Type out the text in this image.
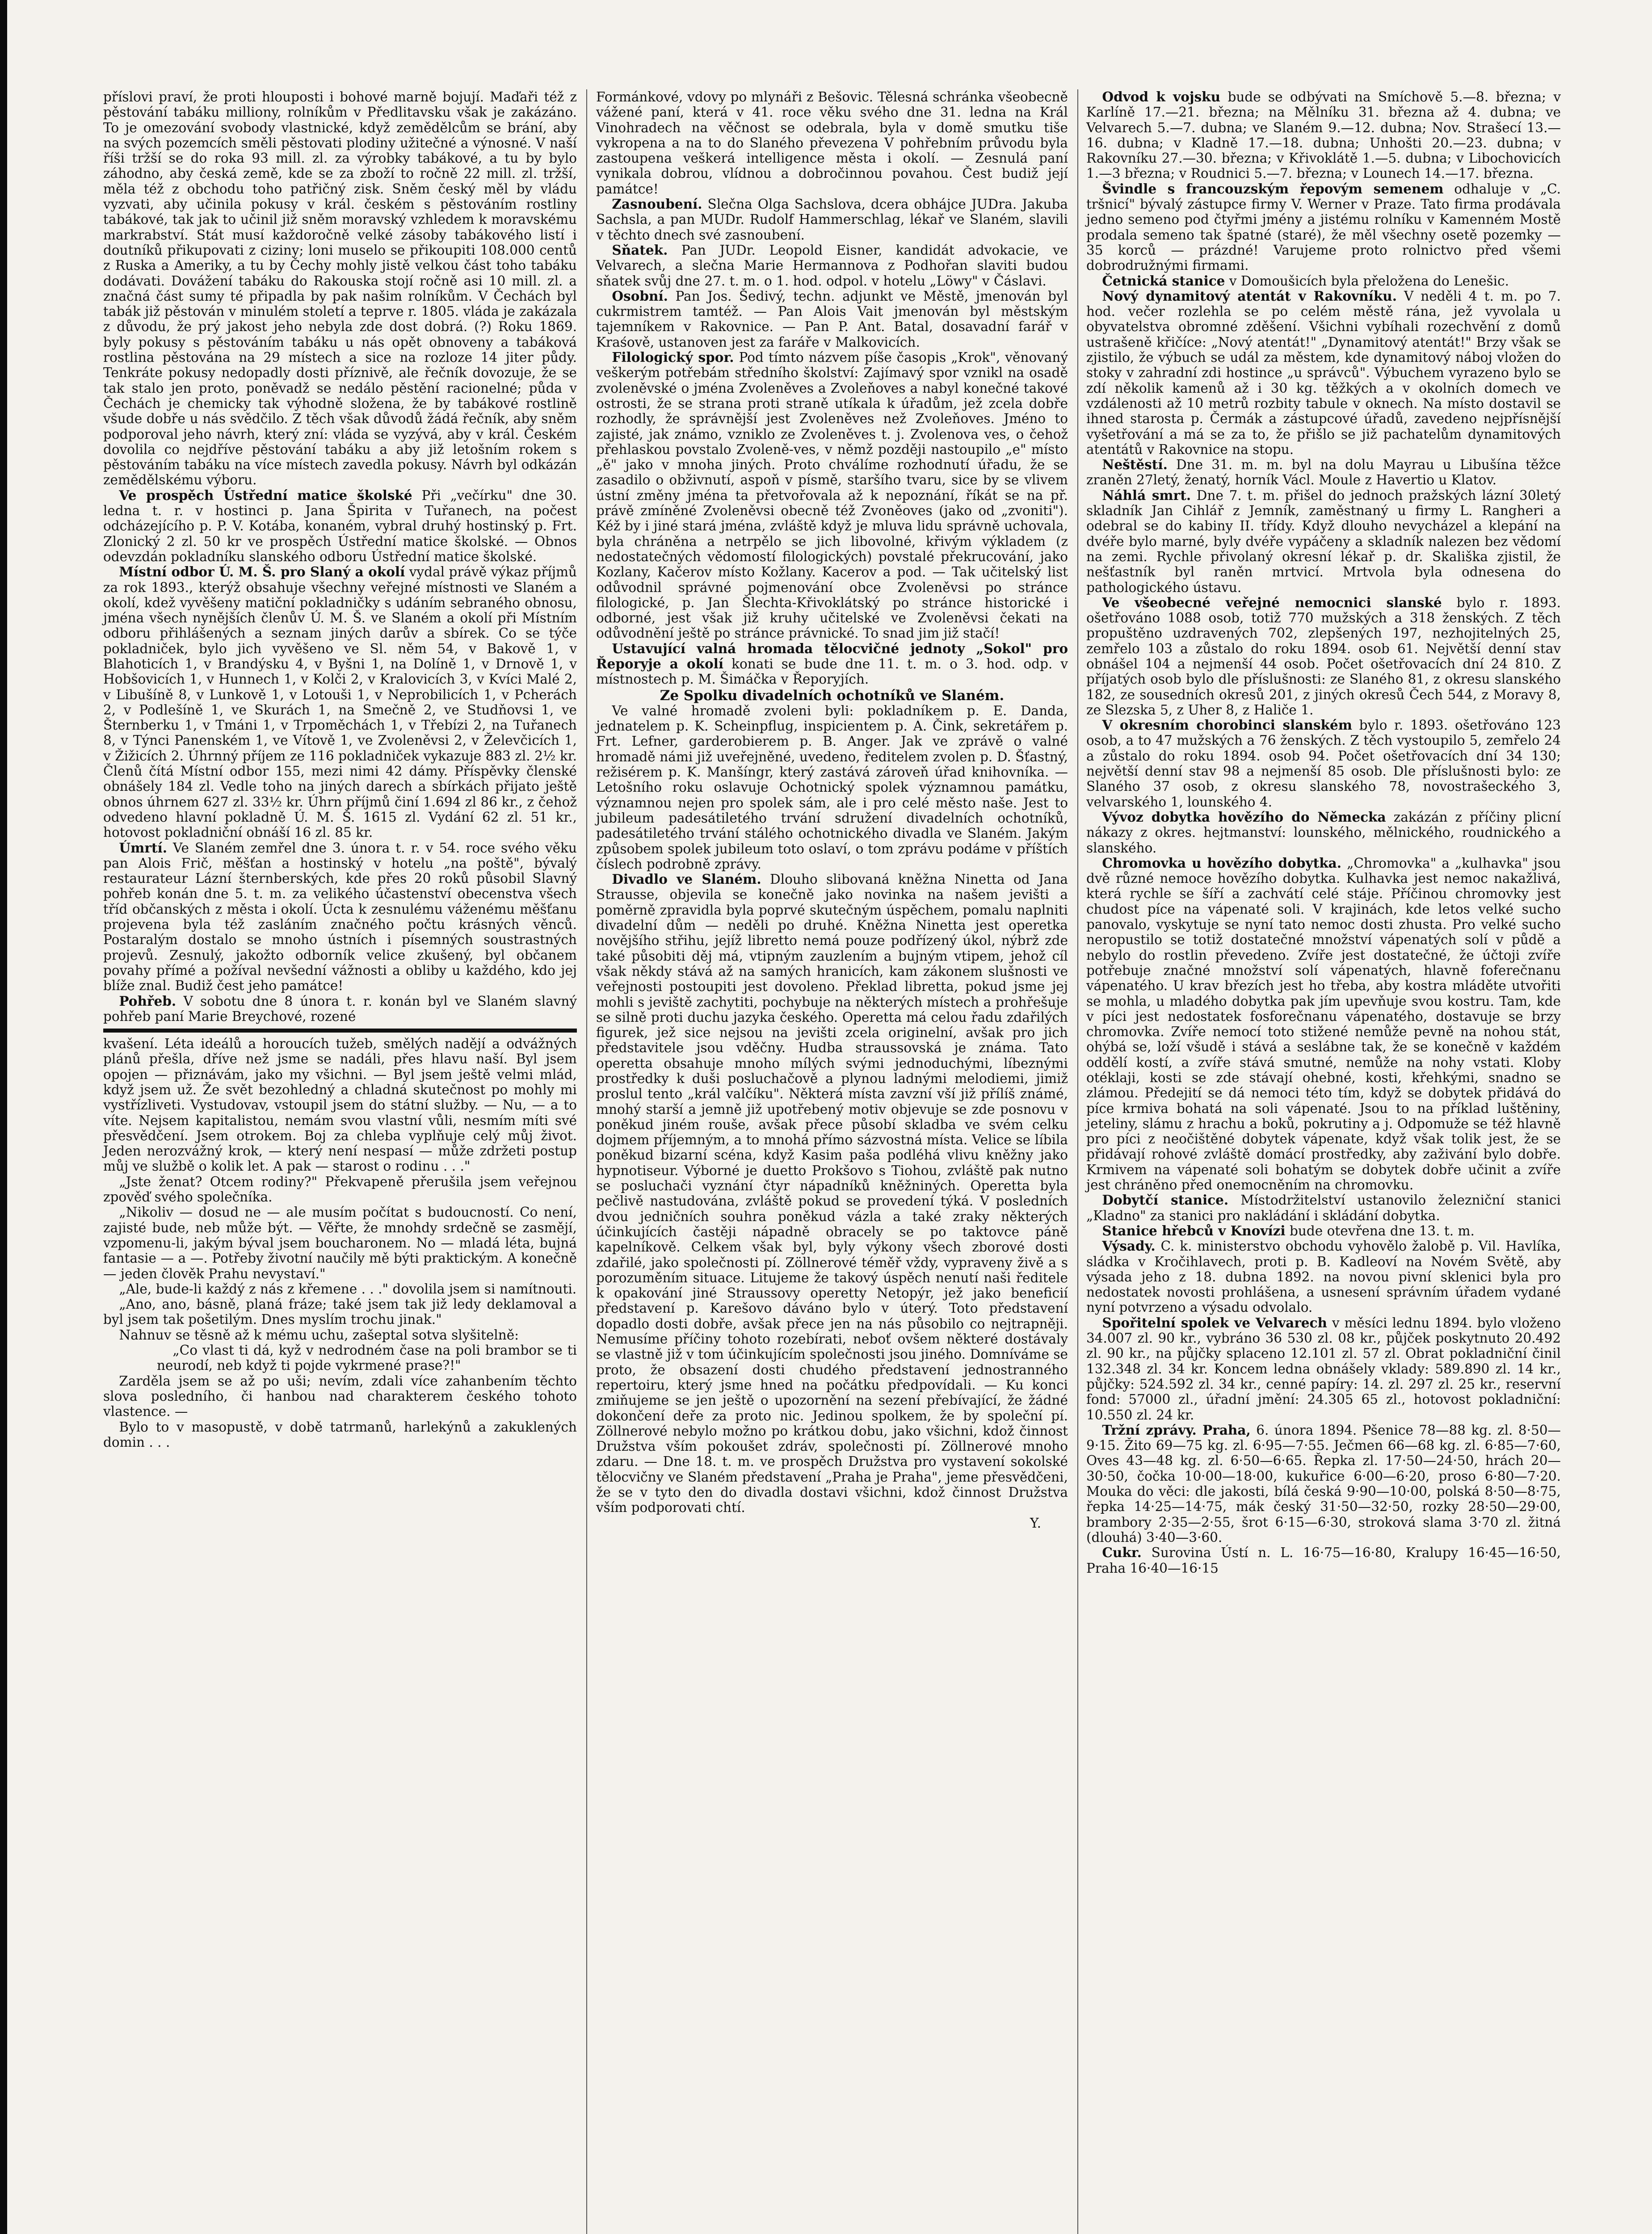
příslovi praví, že proti hlouposti i bohové marně bojují. Maďaři též z pěstování tabáku milliony, rolníkům v Předlitavsku však je zakázáno. To je omezování svobody vlastnické, když zemědělcům se brání, aby na svých pozemcích směli pěstovati plodiny užitečné a výnosné. V naší říši tržší se do roka 93 mill. zl. za výrobky tabákové, a tu by bylo záhodno, aby česká země, kde se za zboží to ročně 22 mill. zl. tržší, měla též z obchodu toho patřičný zisk. Sněm český měl by vládu vyzvati, aby učinila pokusy v král. českém s pěstováním rostliny tabákové, tak jak to učinil již sněm moravský vzhledem k moravskému markrabství. Stát musí každoročně velké zásoby tabákového listí i doutníků přikupovati z ciziny; loni muselo se přikoupiti 108.000 centů z Ruska a Ameriky, a tu by Čechy mohly jistě velkou část toho tabáku dodávati. Dovážení tabáku do Rakouska stojí ročně asi 10 mill. zl. a značná část sumy té připadla by pak našim rolníkům. V Čechách byl tabák již pěstován v minulém století a teprve r. 1805. vláda je zakázala z důvodu, že prý jakost jeho nebyla zde dost dobrá. (?) Roku 1869. byly pokusy s pěstováním tabáku u nás opět obnoveny a tabáková rostlina pěstována na 29 místech a sice na rozloze 14 jiter půdy. Tenkráte pokusy nedopadly dosti příznivě, ale řečník dovozuje, že se tak stalo jen proto, poněvadž se nedálo pěstění racionelné; půda v Čechách je chemicky tak výhodně složena, že by tabákové rostlině všude dobře u nás svědčilo. Z těch však důvodů žádá řečník, aby sněm podporoval jeho návrh, který zní: vláda se vyzývá, aby v král. Českém dovolila co nejdříve pěstování tabáku a aby již letošním rokem s pěstováním tabáku na více místech zavedla pokusy. Návrh byl odkázán zemědělskému výboru.

Ve prospěch Ústřední matice školské Při „večírku" dne 30. ledna t. r. v hostinci p. Jana Špirita v Tuřanech, na počest odcházejícího p. P. V. Kotába, konaném, vybral druhý hostinský p. Frt. Zlonický 2 zl. 50 kr ve prospěch Ústřední matice školské. — Obnos odevzdán pokladníku slanského odboru Ústřední matice školské.

Místní odbor Ú. M. Š. pro Slaný a okolí vydal právě výkaz příjmů za rok 1893., kterýž obsahuje všechny veřejné místnosti ve Slaném a okolí, kdež vyvěšeny matiční pokladničky s udáním sebraného obnosu, jména všech nynějších členův Ú. M. Š. ve Slaném a okolí při Místním odboru přihlášených a seznam jiných darův a sbírek. Co se týče pokladniček, bylo jich vyvěšeno ve Sl. něm 54, v Bakově 1, v Blahoticích 1, v Brandýsku 4, v Byšni 1, na Dolíně 1, v Drnově 1, v Hobšovicích 1, v Hunnech 1, v Kolči 2, v Kralovicích 3, v Kvíci Malé 2, v Libušíně 8, v Lunkově 1, v Lotouši 1, v Neprobilicích 1, v Pcherách 2, v Podlešíně 1, ve Skurách 1, na Smečně 2, ve Studňovsi 1, ve Šternberku 1, v Tmáni 1, v Trpoměchách 1, v Třebízi 2, na Tuřanech 8, v Týnci Panenském 1, ve Vítově 1, ve Zvoleněvsi 2, v Želevčicích 1, v Žižicích 2. Úhrnný příjem ze 116 pokladniček vykazuje 883 zl. 2½ kr. Členů čítá Místní odbor 155, mezi nimi 42 dámy. Příspěvky členské obnášely 184 zl. Vedle toho na jiných darech a sbírkách přijato ještě obnos úhrnem 627 zl. 33½ kr. Úhrn příjmů činí 1.694 zl 86 kr., z čehož odvedeno hlavní pokladně Ú. M. Š. 1615 zl. Vydání 62 zl. 51 kr., hotovost pokladniční obnáší 16 zl. 85 kr.

Úmrtí. Ve Slaném zemřel dne 3. února t. r. v 54. roce svého věku pan Alois Frič, měšťan a hostinský v hotelu „na poště", bývalý restaurateur Lázní šternberských, kde přes 20 roků působil Slavný pohřeb konán dne 5. t. m. za velikého účastenství obecenstva všech tříd občanských z města i okolí. Úcta k zesnulému váženému měšťanu projevena byla též zasláním značného počtu krásných věnců. Postaralým dostalo se mnoho ústních i písemných soustrastných projevů. Zesnulý, jakožto odborník velice zkušený, byl občanem povahy přímé a požíval nevšední vážnosti a obliby u každého, kdo jej blíže znal. Budiž čest jeho památce!

Pohřeb. V sobotu dne 8 února t. r. konán byl ve Slaném slavný pohřeb paní Marie Breychové, rozené

kvašení. Léta ideálů a horoucích tužeb, smělých nadějí a odvážných plánů přešla, dříve než jsme se nadáli, přes hlavu naší. Byl jsem opojen — přiznávám, jako my všichni. — Byl jsem ještě velmi mlád, když jsem už. Že svět bezohledný a chladná skutečnost po mohly mi vystřízliveti. Vystudovav, vstoupil jsem do státní služby. — Nu, — a to víte. Nejsem kapitalistou, nemám svou vlastní vůli, nesmím míti své přesvědčení. Jsem otrokem. Boj za chleba vyplňuje celý můj život. Jeden nerozvážný krok, — který není nespasí — může zdržeti postup můj ve službě o kolik let. A pak — starost o rodinu . . ."

„Jste ženat? Otcem rodiny?" Překvapeně přerušila jsem veřejnou zpověď svého společníka.

„Nikoliv — dosud ne — ale musím počítat s budoucností. Co není, zajisté bude, neb může být. — Věřte, že mnohdy srdečně se zasmějí, vzpomenu-li, jakým býval jsem boucharonem. No — mladá léta, bujná fantasie — a —. Potřeby životní naučily mě býti praktickým. A konečně — jeden člověk Prahu nevystaví."

„Ale, bude-li každý z nás z křemene . . ." dovolila jsem si namítnouti.

„Ano, ano, básně, planá fráze; také jsem tak již ledy deklamoval a byl jsem tak pošetilým. Dnes myslím trochu jinak."

Nahnuv se těsně až k mému uchu, zašeptal sotva slyšitelně:

„Co vlast ti dá, kyž v nedrodném čase na poli brambor se ti neurodí, neb když ti pojde vykrmené prase?!"

Zarděla jsem se až po uši; nevím, zdali více zahanbením těchto slova posledního, či hanbou nad charakterem českého tohoto vlastence. —

Bylo to v masopustě, v době tatrmanů, harlekýnů a zakuklených domin . . .

Formánkové, vdovy po mlynáři z Bešovic. Tělesná schránka všeobecně vážené paní, která v 41. roce věku svého dne 31. ledna na Král Vinohradech na věčnost se odebrala, byla v domě smutku tiše vykropena a na to do Slaného převezena V pohřebním průvodu byla zastoupena veškerá intelligence města i okolí. — Zesnulá paní vynikala dobrou, vlídnou a dobročinnou povahou. Čest budiž její památce!

Zasnoubení. Slečna Olga Sachslova, dcera obhájce JUDra. Jakuba Sachsla, a pan MUDr. Rudolf Hammerschlag, lékař ve Slaném, slavili v těchto dnech své zasnoubení.

Sňatek. Pan JUDr. Leopold Eisner, kandidát advokacie, ve Velvarech, a slečna Marie Hermannova z Podhořan slaviti budou sňatek svůj dne 27. t. m. o 1. hod. odpol. v hotelu „Löwy" v Čáslavi.

Osobní. Pan Jos. Šedivý, techn. adjunkt ve Městě, jmenován byl cukrmistrem tamtéž. — Pan Alois Vait jmenován byl městským tajemníkem v Rakovnice. — Pan P. Ant. Batal, dosavadní farář v Kraśově, ustanoven jest za faráře v Malkovicích.

Filologický spor. Pod tímto názvem píše časopis „Krok", věnovaný veškerým potřebám středního školství: Zajímavý spor vznikl na osadě zvoleněvské o jména Zvoleněves a Zvoleňoves a nabyl konečné takové ostrosti, že se strana proti straně utíkala k úřadům, jež zcela dobře rozhodly, že správnější jest Zvoleněves než Zvoleňoves. Jméno to zajisté, jak známo, vzniklo ze Zvoleněves t. j. Zvolenova ves, o čehož přehlaskou povstalo Zvoleně-ves, v němž později nastoupilo „e" místo „ě" jako v mnoha jiných. Proto chválíme rozhodnutí úřadu, že se zasadilo o obživnutí, aspoň v písmě, staršího tvaru, sice by se vlivem ústní změny jména ta přetvořovala až k nepoznání, říkát se na př. právě zmíněné Zvoleněvsi obecně též Zvoněoves (jako od „zvoniti"). Kéž by i jiné stará jména, zvláště když je mluva lidu správně uchovala, byla chráněna a netrpělo se jich libovolné, křivým výkladem (z nedostatečných vědomostí filologických) povstalé překrucování, jako Kozlany, Kačerov místo Kožlany. Kacerov a pod. — Tak učitelský list odůvodnil správné pojmenování obce Zvoleněvsi po stránce filologické, p. Jan Šlechta-Křivoklátský po stránce historické i odborné, jest však již kruhy učitelské ve Zvoleněvsi čekati na odůvodnění ještě po stránce právnické. To snad jim již stačí!

Ustavující valná hromada tělocvičné jednoty „Sokol" pro Řeporyje a okolí konati se bude dne 11. t. m. o 3. hod. odp. v místnostech p. M. Šimáčka v Řeporyjích.

Ze Spolku divadelních ochotníků ve Slaném.

Ve valné hromadě zvoleni byli: pokladníkem p. E. Danda, jednatelem p. K. Scheinpflug, inspicientem p. A. Čink, sekretářem p. Frt. Lefner, garderobierem p. B. Anger. Jak ve zprávě o valné hromadě námi již uveřejněné, uvedeno, ředitelem zvolen p. D. Šťastný, režisérem p. K. Manšíngr, který zastává zároveň úřad knihovníka. — Letošního roku oslavuje Ochotnický spolek významnou památku, významnou nejen pro spolek sám, ale i pro celé město naše. Jest to jubileum padesátiletého trvání sdružení divadelních ochotníků, padesátiletého trvání stálého ochotnického divadla ve Slaném. Jakým způsobem spolek jubileum toto oslaví, o tom zprávu podáme v příštích číslech podrobně zprávy.

Divadlo ve Slaném. Dlouho slibovaná kněžna Ninetta od Jana Strausse, objevila se konečně jako novinka na našem jevišti a poměrně zpravidla byla poprvé skutečným úspěchem, pomalu naplniti divadelní dům — neděli po druhé. Kněžna Ninetta jest operetka novějšího střihu, jejíž libretto nemá pouze podřízený úkol, nýbrž zde také působiti děj má, vtipným zauzlením a bujným vtipem, jehož cíl však někdy stává až na samých hranicích, kam zákonem slušnosti ve veřejnosti postoupiti jest dovoleno. Překlad libretta, pokud jsme jej mohli s jeviště zachytiti, pochybuje na některých místech a prohřešuje se silně proti duchu jazyka českého. Operetta má celou řadu zdařilých figurek, jež sice nejsou na jevišti zcela originelní, avšak pro jich představitele jsou vděčny. Hudba straussovská je známa. Tato operetta obsahuje mnoho mílých svými jednoduchými, líbeznými prostředky k duši posluchačově a plynou ladnými melodiemi, jimiž proslul tento „král valčíku". Některá místa zavzní vší již přílíš známé, mnohý starší a jemně již upotřebený motiv objevuje se zde posnovu v poněkud jiném rouše, avšak přece působí skladba ve svém celku dojmem příjemným, a to mnohá přímo sázvostná místa. Velice se líbila poněkud bizarní scéna, když Kasim paša podléhá vlivu kněžny jako hypnotiseur. Výborné je duetto Prokšovo s Tiohou, zvláště pak nutno se posluchači vyznání čtyr nápadníků kněžniných. Operetta byla pečlivě nastudována, zvláště pokud se provedení týká. V posledních dvou jedničních souhra poněkud vázla a také zraky některých účinkujících častěji nápadně obracely se po taktovce páně kapelníkově. Celkem však byl, byly výkony všech zborové dosti zdařilé, jako společnosti pí. Zöllnerové téměř vždy, vypraveny živě a s porozuměním situace. Litujeme že takový úspěch nenutí naši ředitele k opakování jiné Straussovy operetty Netopýr, jež jako beneficií představení p. Karešovo dáváno bylo v úterý. Toto představení dopadlo dosti dobře, avšak přece jen na nás působilo co nejtrapněji. Nemusíme příčiny tohoto rozebírati, neboť ovšem některé dostávaly se vlastně již v tom účinkujícím společnosti jsou jiného. Domníváme se proto, že obsazení dosti chudého představení jednostranného repertoiru, který jsme hned na počátku předpovídali. — Ku konci zmiňujeme se jen ještě o upozornění na sezení přebívající, že žádné dokončení deře za proto nic. Jedinou spolkem, že by společní pí. Zöllnerové nebylo možno po krátkou dobu, jako všichni, kdož činnost Družstva vším pokoušet zdráv, společnosti pí. Zöllnerové mnoho zdaru. — Dne 18. t. m. ve prospěch Družstva pro vystavení sokolské tělocvičny ve Slaném představení „Praha je Praha", jeme přesvědčeni, že se v tyto den do divadla dostavi všichni, kdož činnost Družstva vším podporovati chtí.

Y.

Odvod k vojsku bude se odbývati na Smíchově 5.—8. března; v Karlíně 17.—21. března; na Mělníku 31. března až 4. dubna; ve Velvarech 5.—7. dubna; ve Slaném 9.—12. dubna; Nov. Strašecí 13.—16. dubna; v Kladně 17.—18. dubna; Unhošti 20.—23. dubna; v Rakovníku 27.—30. března; v Křivoklátě 1.—5. dubna; v Libochovicích 1.—3 března; v Roudnici 5.—7. března; v Lounech 14.—17. března.

Švindle s francouzským řepovým semenem odhaluje v „C. tršnicí" bývalý zástupce firmy V. Werner v Praze. Tato firma prodávala jedno semeno pod čtyřmi jmény a jistému rolníku v Kamenném Mostě prodala semeno tak špatné (staré), že měl všechny osetě pozemky — 35 korců — prázdné! Varujeme proto rolnictvo před všemi dobrodružnými firmami.

Četnická stanice v Domoušicích byla přeložena do Lenešic.

Nový dynamitový atentát v Rakovníku. V neděli 4 t. m. po 7. hod. večer rozlehla se po celém městě rána, jež vyvolala u obyvatelstva obromné zděšení. Všichni vybíhali rozechvění z domů ustrašeně křičíce: „Nový atentát!" „Dynamitový atentát!" Brzy však se zjistilo, že výbuch se udál za městem, kde dynamitový náboj vložen do stoky v zahradní zdi hostince „u správců". Výbuchem vyrazeno bylo se zdí několik kamenů až i 30 kg. těžkých a v okolních domech ve vzdálenosti až 10 metrů rozbity tabule v oknech. Na místo dostavil se ihned starosta p. Čermák a zástupcové úřadů, zavedeno nejpřísnější vyšetřování a má se za to, že přišlo se již pachatelům dynamitových atentátů v Rakovnice na stopu.

Neštěstí. Dne 31. m. m. byl na dolu Mayrau u Libušína těžce zraněn 27letý, ženatý, horník Václ. Moule z Havertio u Klatov.

Náhlá smrt. Dne 7. t. m. přišel do jednoch pražských lázní 30letý skladník Jan Cihlář z Jemník, zaměstnaný u firmy L. Rangheri a odebral se do kabiny II. třídy. Když dlouho nevycházel a klepání na dvéře bylo marné, byly dvéře vypáčeny a skladník nalezen bez vědomí na zemi. Rychle přivolaný okresní lékař p. dr. Skališka zjistil, že nešťastník byl raněn mrtvicí. Mrtvola byla odnesena do pathologického ústavu.

Ve všeobecné veřejné nemocnici slanské bylo r. 1893. ošetřováno 1088 osob, totiž 770 mužských a 318 ženských. Z těch propuštěno uzdravených 702, zlepšených 197, nezhojitelných 25, zemřelo 103 a zůstalo do roku 1894. osob 61. Největší denní stav obnášel 104 a nejmenší 44 osob. Počet ošetřovacích dní 24 810. Z příjatých osob bylo dle příslušnosti: ze Slaného 81, z okresu slanského 182, ze sousedních okresů 201, z jiných okresů Čech 544, z Moravy 8, ze Slezska 5, z Uher 8, z Haliče 1.

V okresním chorobinci slanském bylo r. 1893. ošetřováno 123 osob, a to 47 mužských a 76 ženských. Z těch vystoupilo 5, zemřelo 24 a zůstalo do roku 1894. osob 94. Počet ošetřovacích dní 34 130; největší denní stav 98 a nejmenší 85 osob. Dle příslušnosti bylo: ze Slaného 37 osob, z okresu slanského 78, novostrašeckého 3, velvarského 1, lounského 4.

Vývoz dobytka hovězího do Německa zakázán z příčiny plicní nákazy z okres. hejtmanství: lounského, mělnického, roudnického a slanského.

Chromovka u hovězího dobytka. „Chromovka" a „kulhavka" jsou dvě různé nemoce hovězího dobytka. Kulhavka jest nemoc nakažlivá, která rychle se šíří a zachvátí celé stáje. Příčinou chromovky jest chudost píce na vápenaté soli. V krajinách, kde letos velké sucho panovalo, vyskytuje se nyní tato nemoc dosti zhusta. Pro velké sucho neropustilo se totiž dostatečné množství vápenatých solí v půdě a nebylo do rostlin převedeno. Zvíře jest dostatečné, že účtoji zvíře potřebuje značné množství solí vápenatých, hlavně foferečnanu vápenatého. U krav březích jest ho třeba, aby kostra mláděte utvořiti se mohla, u mladého dobytka pak jím upevňuje svou kostru. Tam, kde v píci jest nedostatek fosforečnanu vápenatého, dostavuje se brzy chromovka. Zvíře nemocí toto stižené nemůže pevně na nohou stát, ohýbá se, loží všudě i stává a seslábne tak, že se konečně v každém oddělí kostí, a zvíře stává smutné, nemůže na nohy vstati. Kloby otéklaji, kosti se zde stávají ohebné, kosti, křehkými, snadno se zlámou. Předejití se dá nemoci této tím, když se dobytek přidává do píce krmiva bohatá na soli vápenaté. Jsou to na příklad luštěniny, jeteliny, slámu z hrachu a boků, pokrutiny a j. Odpomuže se též hlavně pro píci z neočištěné dobytek vápenate, když však tolik jest, že se přidávají rohové zvláště domácí prostředky, aby zaživání bylo dobře. Krmivem na vápenaté soli bohatým se dobytek dobře učinit a zvíře jest chráněno před onemocněním na chromovku.

Dobytčí stanice. Místodržitelství ustanovilo železniční stanici „Kladno" za stanici pro nakládání i skládání dobytka.

Stanice hřebců v Knovízi bude otevřena dne 13. t. m.

Výsady. C. k. ministerstvo obchodu vyhovělo žalobě p. Vil. Havlíka, sládka v Kročihlavech, proti p. B. Kadleoví na Novém Světě, aby výsada jeho z 18. dubna 1892. na novou pivní sklenici byla pro nedostatek novosti prohlášena, a usnesení správním úřadem vydané nyní potvrzeno a výsadu odvolalo.

Spořitelní spolek ve Velvarech v měsíci lednu 1894. bylo vloženo 34.007 zl. 90 kr., vybráno 36 530 zl. 08 kr., půjček poskytnuto 20.492 zl. 90 kr., na půjčky splaceno 12.101 zl. 57 zl. Obrat pokladniční činil 132.348 zl. 34 kr. Koncem ledna obnášely vklady: 589.890 zl. 14 kr., půjčky: 524.592 zl. 34 kr., cenné papíry: 14. zl. 297 zl. 25 kr., reservní fond: 57000 zl., úřadní jmění: 24.305 65 zl., hotovost pokladniční: 10.550 zl. 24 kr.

Tržní zprávy. Praha, 6. února 1894. Pšenice 78—88 kg. zl. 8·50—9·15. Žito 69—75 kg. zl. 6·95—7·55. Ječmen 66—68 kg. zl. 6·85—7·60, Oves 43—48 kg. zl. 6·50—6·65. Řepka zl. 17·50—24·50, hrách 20—30·50, čočka 10·00—18·00, kukuřice 6·00—6·20, proso 6·80—7·20. Mouka do věci: dle jakosti, bílá česká 9·90—10·00, polská 8·50—8·75, řepka 14·25—14·75, mák český 31·50—32·50, rozky 28·50—29·00, brambory 2·35—2·55, šrot 6·15—6·30, stroková slama 3·70 zl. žitná (dlouhá) 3·40—3·60.

Cukr. Surovina Ústí n. L. 16·75—16·80, Kralupy 16·45—16·50, Praha 16·40—16·15
